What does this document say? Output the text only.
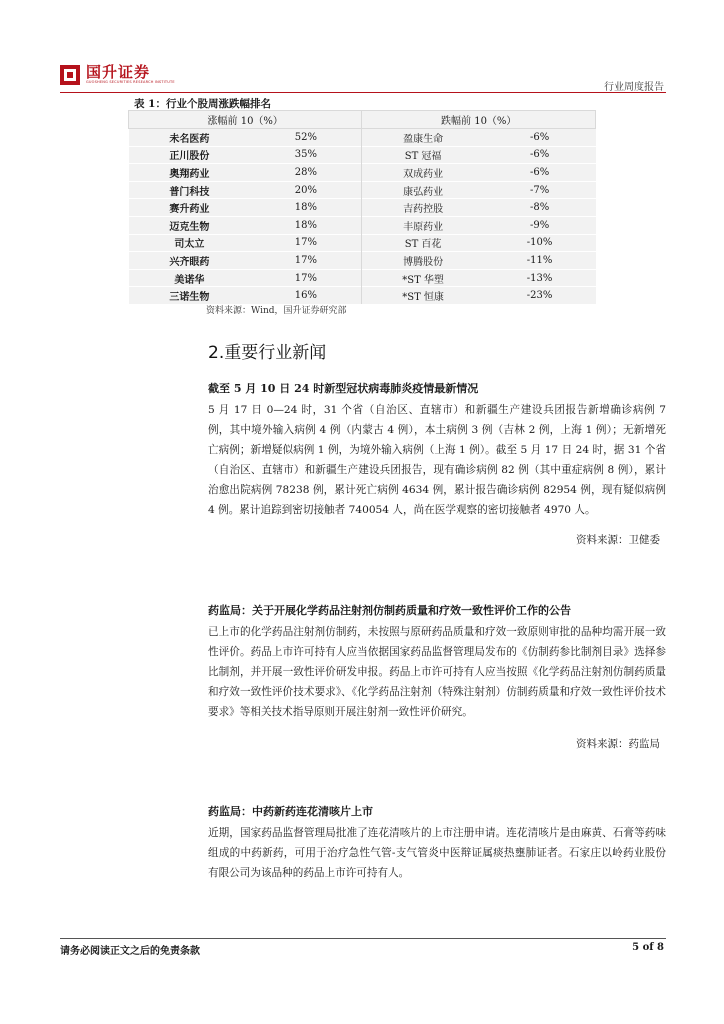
国升证券
GUOSHENG SECURITIES RESEARCH INSTITUTE	行业周度报告
表 1：行业个股周涨跌幅排名
涨幅前 10（%）		跌幅前 10（%）	
未名医药	52%	盈康生命	-6%
正川股份	35%	ST 冠福	-6%
奥翔药业	28%	双成药业	-6%
普门科技	20%	康弘药业	-7%
赛升药业	18%	吉药控股	-8%
迈克生物	18%	丰原药业	-9%
司太立	17%	ST 百花	-10%
兴齐眼药	17%	博腾股份	-11%
美诺华	17%	*ST 华塑	-13%
三诺生物	16%	*ST 恒康	-23%
资料来源：Wind，国升证券研究部
2.重要行业新闻
截至 5 月 10 日 24 时新型冠状病毒肺炎疫情最新情况
5 月 17 日 0—24 时，31 个省（自治区、直辖市）和新疆生产建设兵团报告新增确诊病例 7 例，其中境外输入病例 4 例（内蒙古 4 例），本土病例 3 例（吉林 2 例，上海 1 例）；无新增死亡病例；新增疑似病例 1 例，为境外输入病例（上海 1 例）。截至 5 月 17 日 24 时，据 31 个省（自治区、直辖市）和新疆生产建设兵团报告，现有确诊病例 82 例（其中重症病例 8 例），累计治愈出院病例 78238 例，累计死亡病例 4634 例，累计报告确诊病例 82954 例，现有疑似病例 4 例。累计追踪到密切接触者 740054 人，尚在医学观察的密切接触者 4970 人。
资料来源：卫健委
药监局：关于开展化学药品注射剂仿制药质量和疗效一致性评价工作的公告
已上市的化学药品注射剂仿制药，未按照与原研药品质量和疗效一致原则审批的品种均需开展一致性评价。药品上市许可持有人应当依据国家药品监督管理局发布的《仿制药参比制剂目录》选择参比制剂，并开展一致性评价研发申报。药品上市许可持有人应当按照《化学药品注射剂仿制药质量和疗效一致性评价技术要求》、《化学药品注射剂（特殊注射剂）仿制药质量和疗效一致性评价技术要求》等相关技术指导原则开展注射剂一致性评价研究。
资料来源：药监局
药监局：中药新药连花清咳片上市
近期，国家药品监督管理局批准了连花清咳片的上市注册申请。连花清咳片是由麻黄、石膏等药味组成的中药新药，可用于治疗急性气管-支气管炎中医辩证属痰热壅肺证者。石家庄以岭药业股份有限公司为该品种的药品上市许可持有人。
请务必阅读正文之后的免责条款	5 of 8
